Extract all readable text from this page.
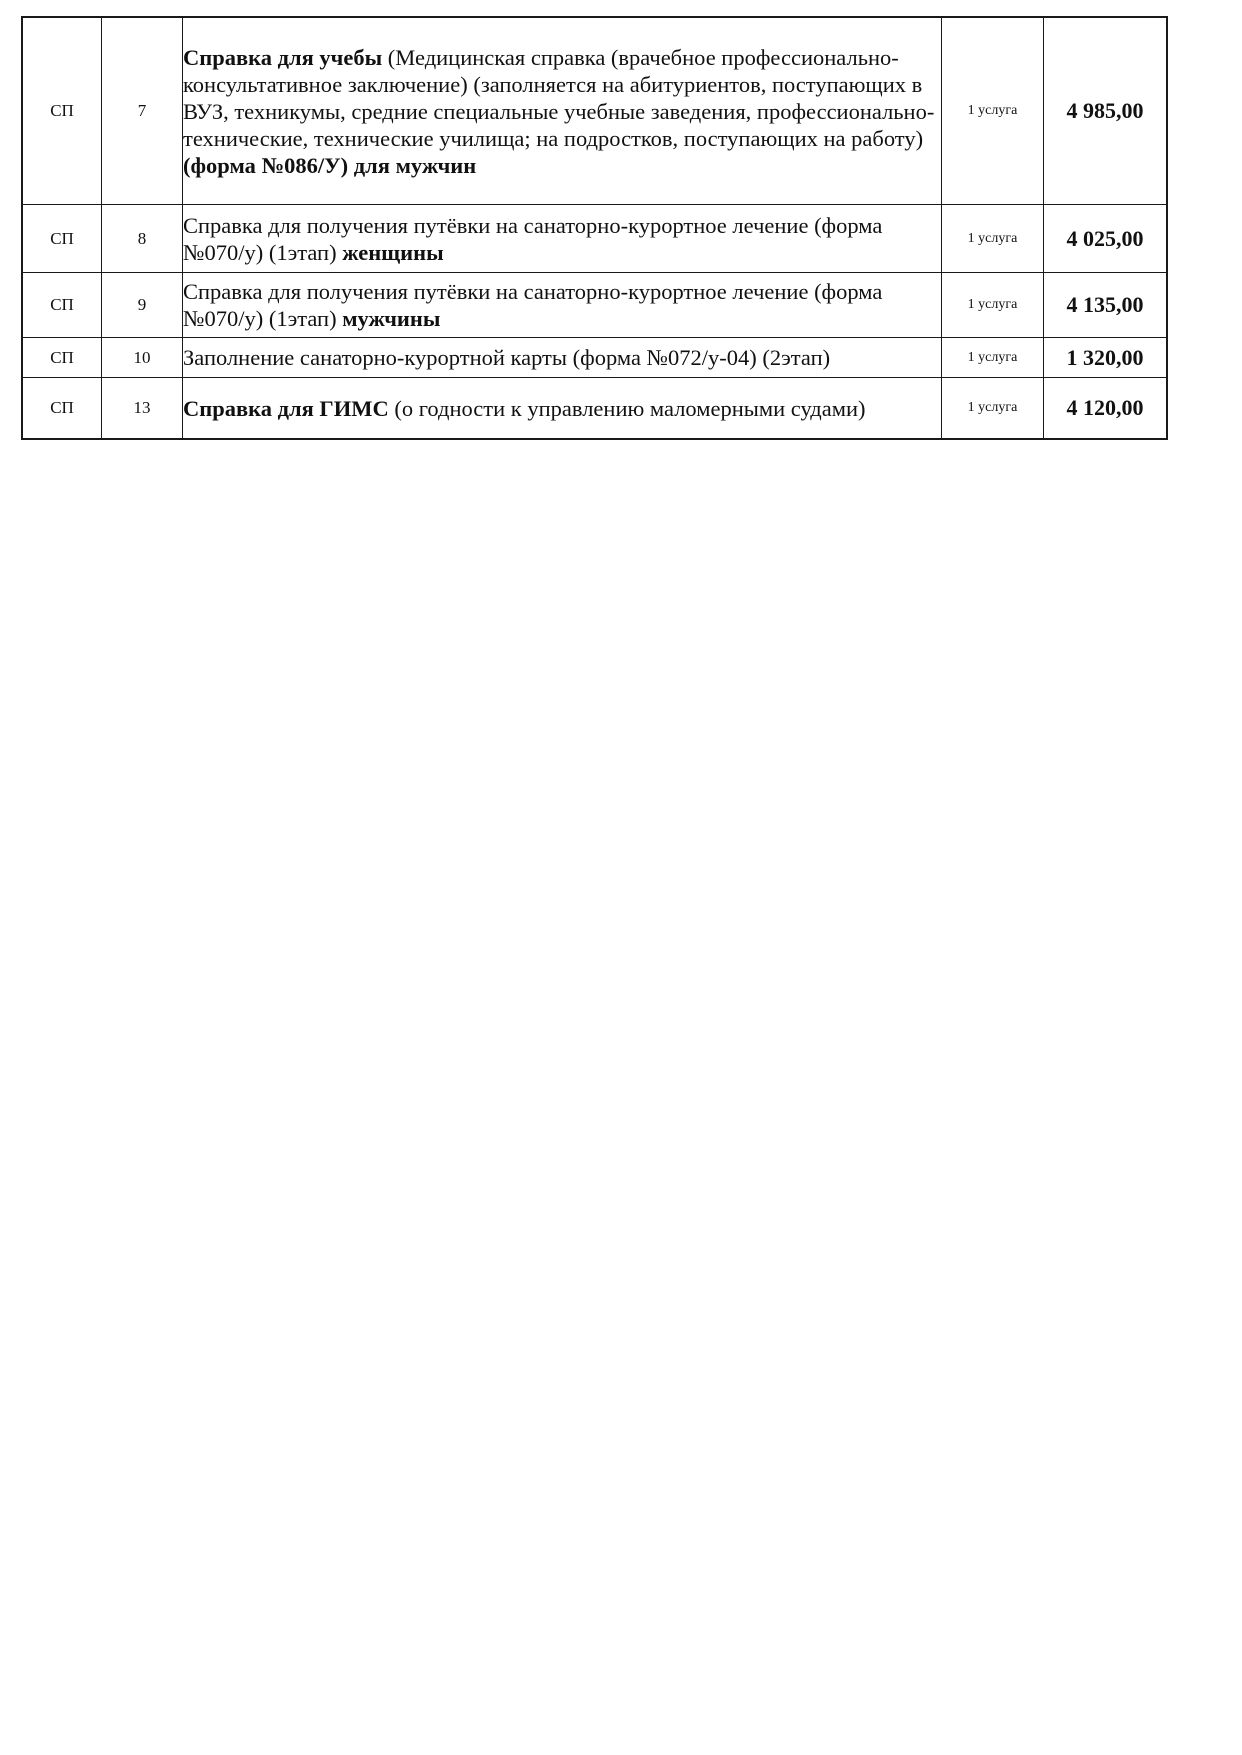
СП	7	Справка для учебы (Медицинская справка (врачебное профессионально-консультативное заключение) (заполняется на абитуриентов, поступающих в ВУЗ, техникумы, средние специальные учебные заведения, профессионально-технические, технические училища; на подростков, поступающих на работу) (форма №086/У) для мужчин	1 услуга	4 985,00
СП	8	Справка для получения путёвки на санаторно-курортное лечение (форма №070/у) (1этап) женщины	1 услуга	4 025,00
СП	9	Справка для получения путёвки на санаторно-курортное лечение (форма №070/у) (1этап) мужчины	1 услуга	4 135,00
СП	10	Заполнение санаторно-курортной карты (форма №072/у-04) (2этап)	1 услуга	1 320,00
СП	13	Справка для ГИМС (о годности к управлению маломерными судами)	1 услуга	4 120,00
